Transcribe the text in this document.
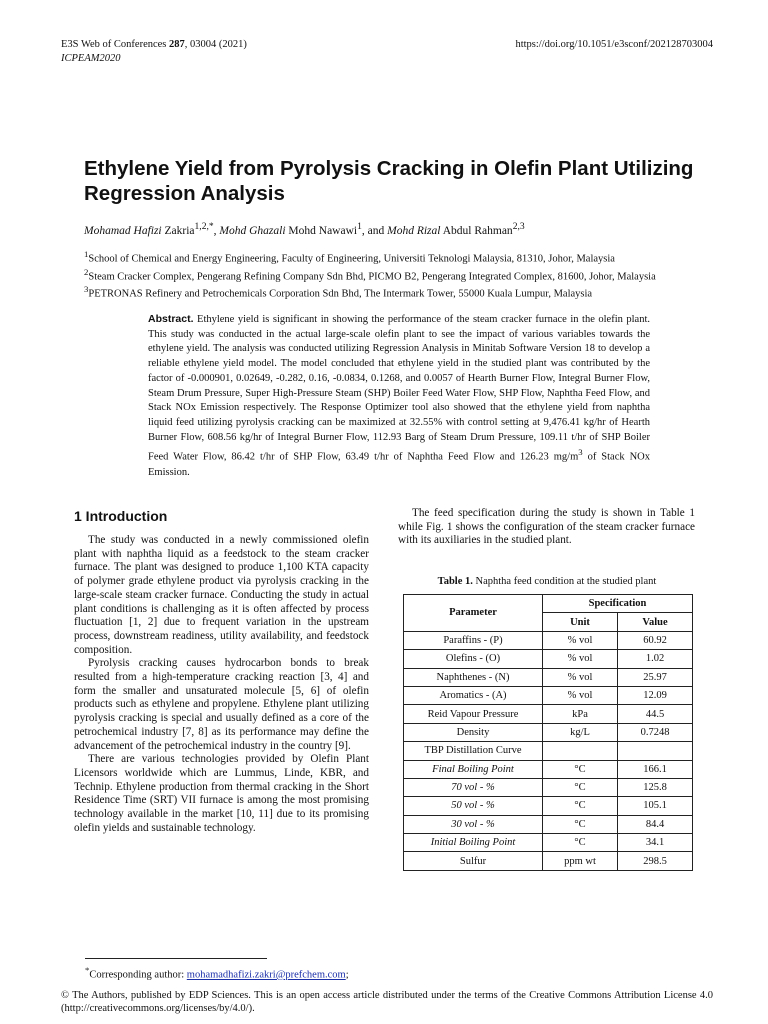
E3S Web of Conferences 287, 03004 (2021)	https://doi.org/10.1051/e3sconf/202128703004
ICPEAM2020
Ethylene Yield from Pyrolysis Cracking in Olefin Plant Utilizing Regression Analysis
Mohamad Hafizi Zakria$^{1,2,*}$, Mohd Ghazali Mohd Nawawi$^1$, and Mohd Rizal Abdul Rahman$^{2,3}$
$^1$School of Chemical and Energy Engineering, Faculty of Engineering, Universiti Teknologi Malaysia, 81310, Johor, Malaysia
$^2$Steam Cracker Complex, Pengerang Refining Company Sdn Bhd, PICMO B2, Pengerang Integrated Complex, 81600, Johor, Malaysia
$^3$PETRONAS Refinery and Petrochemicals Corporation Sdn Bhd, The Intermark Tower, 55000 Kuala Lumpur, Malaysia

Abstract. Ethylene yield is significant in showing the performance of the steam cracker furnace in the olefin plant. This study was conducted in the actual large-scale olefin plant to see the impact of various variables towards the ethylene yield. The analysis was conducted utilizing Regression Analysis in Minitab Software Version 18 to develop a reliable ethylene yield model. The model concluded that ethylene yield in the studied plant was contributed by the factor of -0.000901, 0.02649, -0.282, 0.16, -0.0834, 0.1268, and 0.0057 of Hearth Burner Flow, Integral Burner Flow, Steam Drum Pressure, Super High-Pressure Steam (SHP) Boiler Feed Water Flow, SHP Flow, Naphtha Feed Flow, and Stack NOx Emission respectively. The Response Optimizer tool also showed that the ethylene yield from naphtha liquid feed utilizing pyrolysis cracking can be maximized at 32.55% with control setting at 9,476.41 kg/hr of Hearth Burner Flow, 608.56 kg/hr of Integral Burner Flow, 112.93 Barg of Steam Drum Pressure, 109.11 t/hr of SHP Boiler Feed Water Flow, 86.42 t/hr of SHP Flow, 63.49 t/hr of Naphtha Feed Flow and 126.23 $mg/m^3$ of Stack NOx Emission.

1 Introduction

The study was conducted in a newly commissioned olefin plant with naphtha liquid as a feedstock to the steam cracker furnace. The plant was designed to produce 1,100 KTA capacity of polymer grade ethylene product via pyrolysis cracking in the large-scale steam cracker furnace. Conducting the study in actual plant conditions is challenging as it is often affected by process fluctuation [1, 2] due to frequent variation in the upstream process, downstream readiness, utility availability, and feedstock composition.

Pyrolysis cracking causes hydrocarbon bonds to break resulted from a high-temperature cracking reaction [3, 4] and form the smaller and unsaturated molecule [5, 6] of olefin products such as ethylene and propylene. Ethylene plant utilizing pyrolysis cracking is special and usually defined as a core of the petrochemical industry [7, 8] as its performance may define the advancement of the petrochemical industry in the country [9].

There are various technologies provided by Olefin Plant Licensors worldwide which are Lummus, Linde, KBR, and Technip. Ethylene production from thermal cracking in the Short Residence Time (SRT) VII furnace is among the most promising technology available in the market [10, 11] due to its promising olefin yields and sustainable technology.

The feed specification during the study is shown in Table 1 while Fig. 1 shows the configuration of the steam cracker furnace with its auxiliaries in the studied plant.

Table 1. Naphtha feed condition at the studied plant
Parameter	Specification	
	Unit	Value
Paraffins - (P)	% vol	60.92
Olefins - (O)	% vol	1.02
Naphthenes - (N)	% vol	25.97
Aromatics - (A)	% vol	12.09
Reid Vapour Pressure	kPa	44.5
Density	kg/L	0.7248
TBP Distillation Curve		
Final Boiling Point	°C	166.1
70 vol - %	°C	125.8
50 vol - %	°C	105.1
30 vol - %	°C	84.4
Initial Boiling Point	°C	34.1
Sulfur	ppm wt	298.5
*Corresponding author: mohamadhafizi.zakri@prefchem.com;

© The Authors, published by EDP Sciences. This is an open access article distributed under the terms of the Creative Commons Attribution License 4.0 (http://creativecommons.org/licenses/by/4.0/).
